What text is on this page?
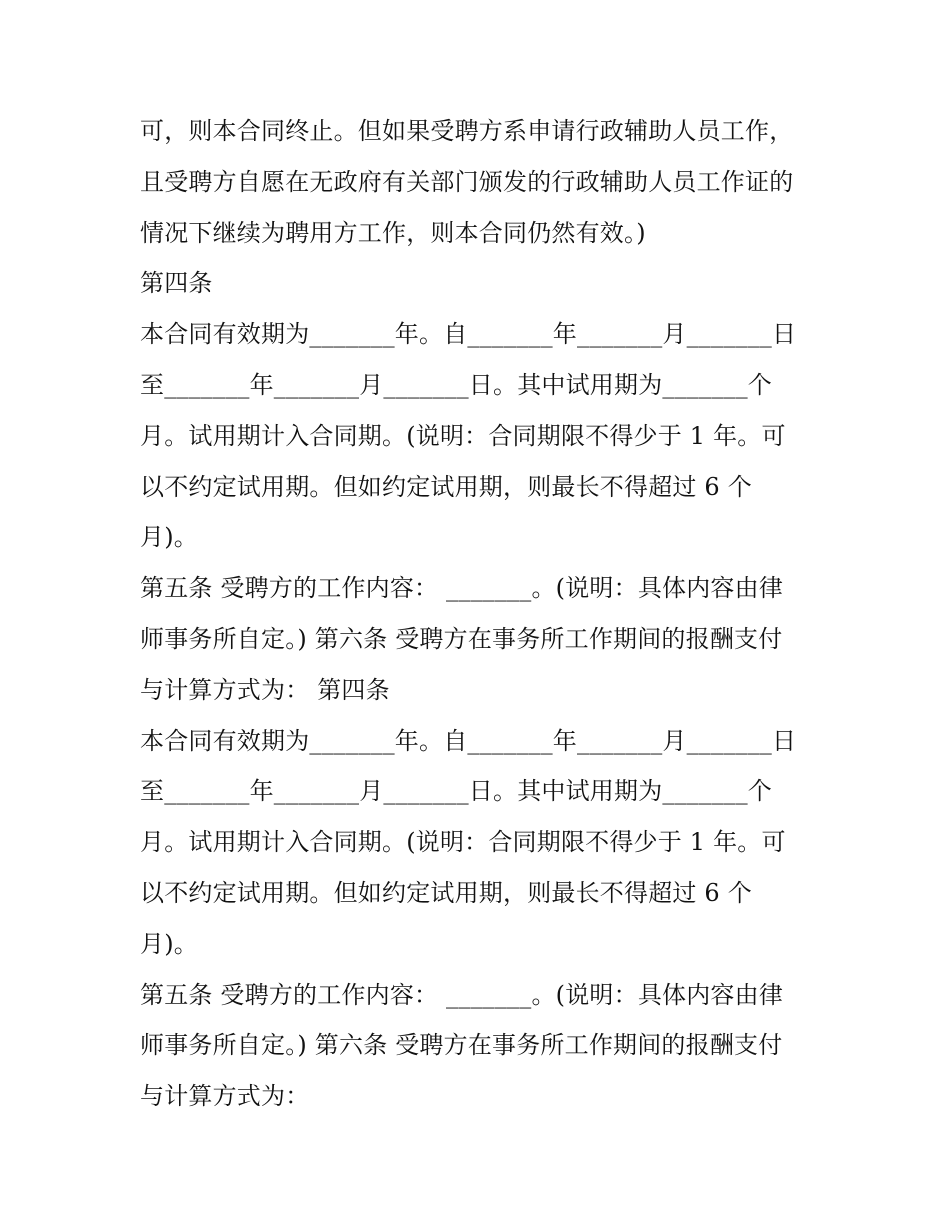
可，则本合同终止。但如果受聘方系申请行政辅助人员工作，
且受聘方自愿在无政府有关部门颁发的行政辅助人员工作证的
情况下继续为聘用方工作，则本合同仍然有效。)
第四条
本合同有效期为_______年。自_______年_______月_______日
至_______年_______月_______日。其中试用期为_______个
月。试用期计入合同期。(说明：合同期限不得少于 1 年。可
以不约定试用期。但如约定试用期，则最长不得超过 6 个
月)。
第五条 受聘方的工作内容： _______。(说明：具体内容由律
师事务所自定。) 第六条 受聘方在事务所工作期间的报酬支付
与计算方式为： 第四条
本合同有效期为_______年。自_______年_______月_______日
至_______年_______月_______日。其中试用期为_______个
月。试用期计入合同期。(说明：合同期限不得少于 1 年。可
以不约定试用期。但如约定试用期，则最长不得超过 6 个
月)。
第五条 受聘方的工作内容： _______。(说明：具体内容由律
师事务所自定。) 第六条 受聘方在事务所工作期间的报酬支付
与计算方式为：
